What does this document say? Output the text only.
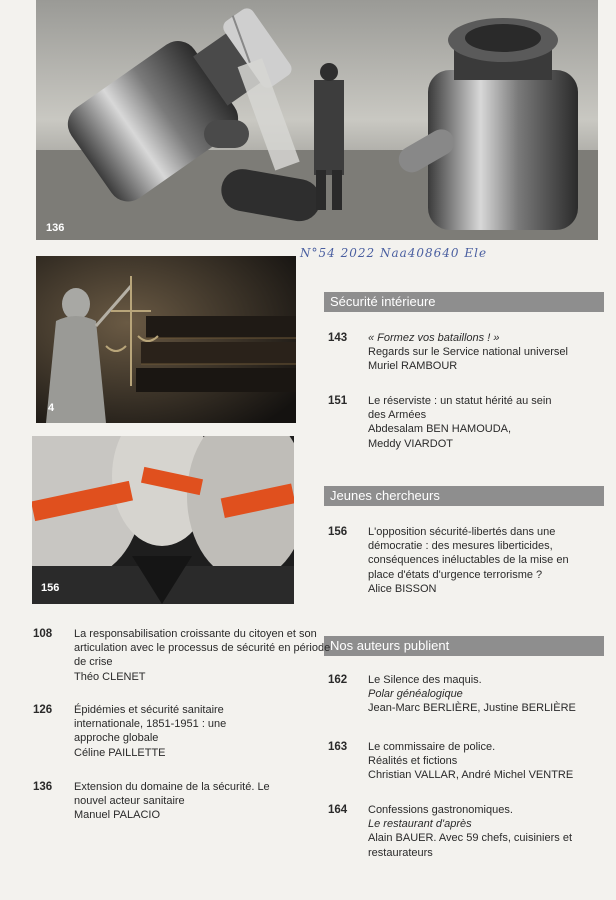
136
N°54 2022 Naa408640 Ele
4
156
Sécurité intérieure
143 « Formez vos bataillons ! »
Regards sur le Service national universel
Muriel RAMBOUR
151 Le réserviste : un statut hérité au sein
des Armées
Abdesalam BEN HAMOUDA,
Meddy VIARDOT
Jeunes chercheurs
156 L'opposition sécurité-libertés dans une
démocratie : des mesures liberticides,
conséquences inéluctables de la mise en
place d'états d'urgence terrorisme ?
Alice BISSON
Nos auteurs publient
162 Le Silence des maquis.
Polar généalogique
Jean-Marc BERLIÈRE, Justine BERLIÈRE
163 Le commissaire de police.
Réalités et fictions
Christian VALLAR, André Michel VENTRE
164 Confessions gastronomiques.
Le restaurant d'après
Alain BAUER. Avec 59 chefs, cuisiniers et
restaurateurs
108 La responsabilisation croissante du citoyen et son articulation avec le processus de sécurité en période de crise
Théo CLENET
126 Épidémies et sécurité sanitaire internationale, 1851-1951 : une approche globale
Céline PAILLETTE
136 Extension du domaine de la sécurité. Le nouvel acteur sanitaire
Manuel PALACIO
